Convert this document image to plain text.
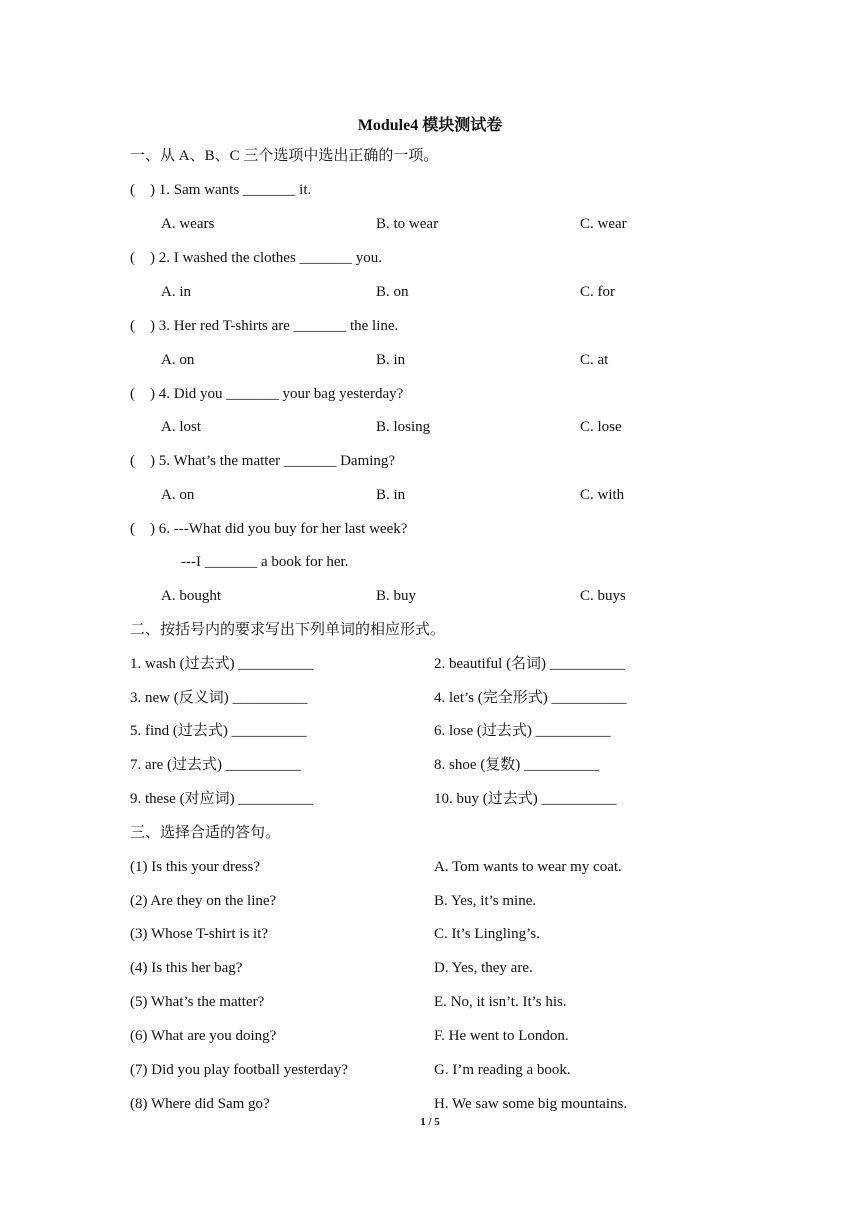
Module4 模块测试卷
一、从 A、B、C 三个选项中选出正确的一项。
(    ) 1. Sam wants _______ it.
A. wears	B. to wear	C. wear
(    ) 2. I washed the clothes _______ you.
A. in	B. on	C. for
(    ) 3. Her red T-shirts are _______ the line.
A. on	B. in	C. at
(    ) 4. Did you _______ your bag yesterday?
A. lost	B. losing	C. lose
(    ) 5. What’s the matter _______ Daming?
A. on	B. in	C. with
(    ) 6. ---What did you buy for her last week?
---I _______ a book for her.
A. bought	B. buy	C. buys
二、按括号内的要求写出下列单词的相应形式。
1. wash (过去式) __________	2. beautiful (名词) __________
3. new (反义词) __________	4. let’s (完全形式) __________
5. find (过去式) __________	6. lose (过去式) __________
7. are (过去式) __________	8. shoe (复数) __________
9. these (对应词) __________	10. buy (过去式) __________
三、选择合适的答句。
(1) Is this your dress?	A. Tom wants to wear my coat.
(2) Are they on the line?	B. Yes, it’s mine.
(3) Whose T-shirt is it?	C. It’s Lingling’s.
(4) Is this her bag?	D. Yes, they are.
(5) What’s the matter?	E. No, it isn’t. It’s his.
(6) What are you doing?	F. He went to London.
(7) Did you play football yesterday?	G. I’m reading a book.
(8) Where did Sam go?	H. We saw some big mountains.
1 / 5
